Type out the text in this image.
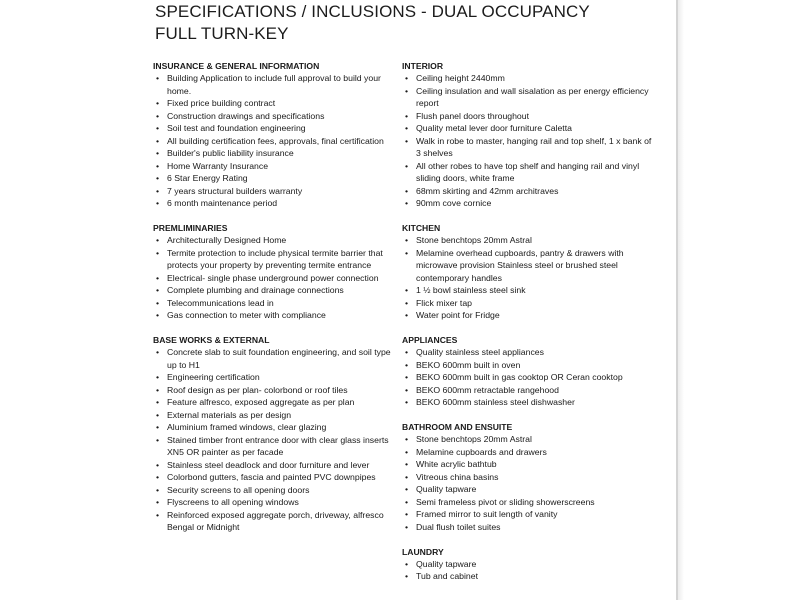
SPECIFICATIONS / INCLUSIONS - DUAL OCCUPANCY
FULL TURN-KEY
INSURANCE & GENERAL INFORMATION
• Building Application to include full approval to build your home.
• Fixed price building contract
• Construction drawings and specifications
• Soil test and foundation engineering
• All building certification fees, approvals, final certification
• Builder's public liability insurance
• Home Warranty Insurance
• 6 Star Energy Rating
• 7 years structural builders warranty
• 6 month maintenance period
PREMLIMINARIES
• Architecturally Designed Home
• Termite protection to include physical termite barrier that protects your property by preventing termite entrance
• Electrical- single phase underground power connection
• Complete plumbing and drainage connections
• Telecommunications lead in
• Gas connection to meter with compliance
BASE WORKS & EXTERNAL
• Concrete slab to suit foundation engineering, and soil type up to H1
• Engineering certification
• Roof design as per plan- colorbond or roof tiles
• Feature alfresco, exposed aggregate as per plan
• External materials as per design
• Aluminium framed windows, clear glazing
• Stained timber front entrance door with clear glass inserts XN5 OR painter as per facade
• Stainless steel deadlock and door furniture and lever
• Colorbond gutters, fascia and painted PVC downpipes
• Security screens to all opening doors
• Flyscreens to all opening windows
• Reinforced exposed aggregate porch, driveway, alfresco Bengal or Midnight
INTERIOR
• Ceiling height 2440mm
• Ceiling insulation and wall sisalation as per energy efficiency report
• Flush panel doors throughout
• Quality metal lever door furniture Caletta
• Walk in robe to master, hanging rail and top shelf, 1 x bank of 3 shelves
• All other robes to have top shelf and hanging rail and vinyl sliding doors, white frame
• 68mm skirting and 42mm architraves
• 90mm cove cornice
KITCHEN
• Stone benchtops 20mm Astral
• Melamine overhead cupboards, pantry & drawers with microwave provision Stainless steel or brushed steel contemporary handles
• 1 ½ bowl stainless steel sink
• Flick mixer tap
• Water point for Fridge
APPLIANCES
• Quality stainless steel appliances
• BEKO 600mm built in oven
• BEKO 600mm built in gas cooktop OR Ceran cooktop
• BEKO 600mm retractable rangehood
• BEKO 600mm stainless steel dishwasher
BATHROOM AND ENSUITE
• Stone benchtops 20mm Astral
• Melamine cupboards and drawers
• White acrylic bathtub
• Vitreous china basins
• Quality tapware
• Semi frameless pivot or sliding showerscreens
• Framed mirror to suit length of vanity
• Dual flush toilet suites
LAUNDRY
• Quality tapware
• Tub and cabinet
